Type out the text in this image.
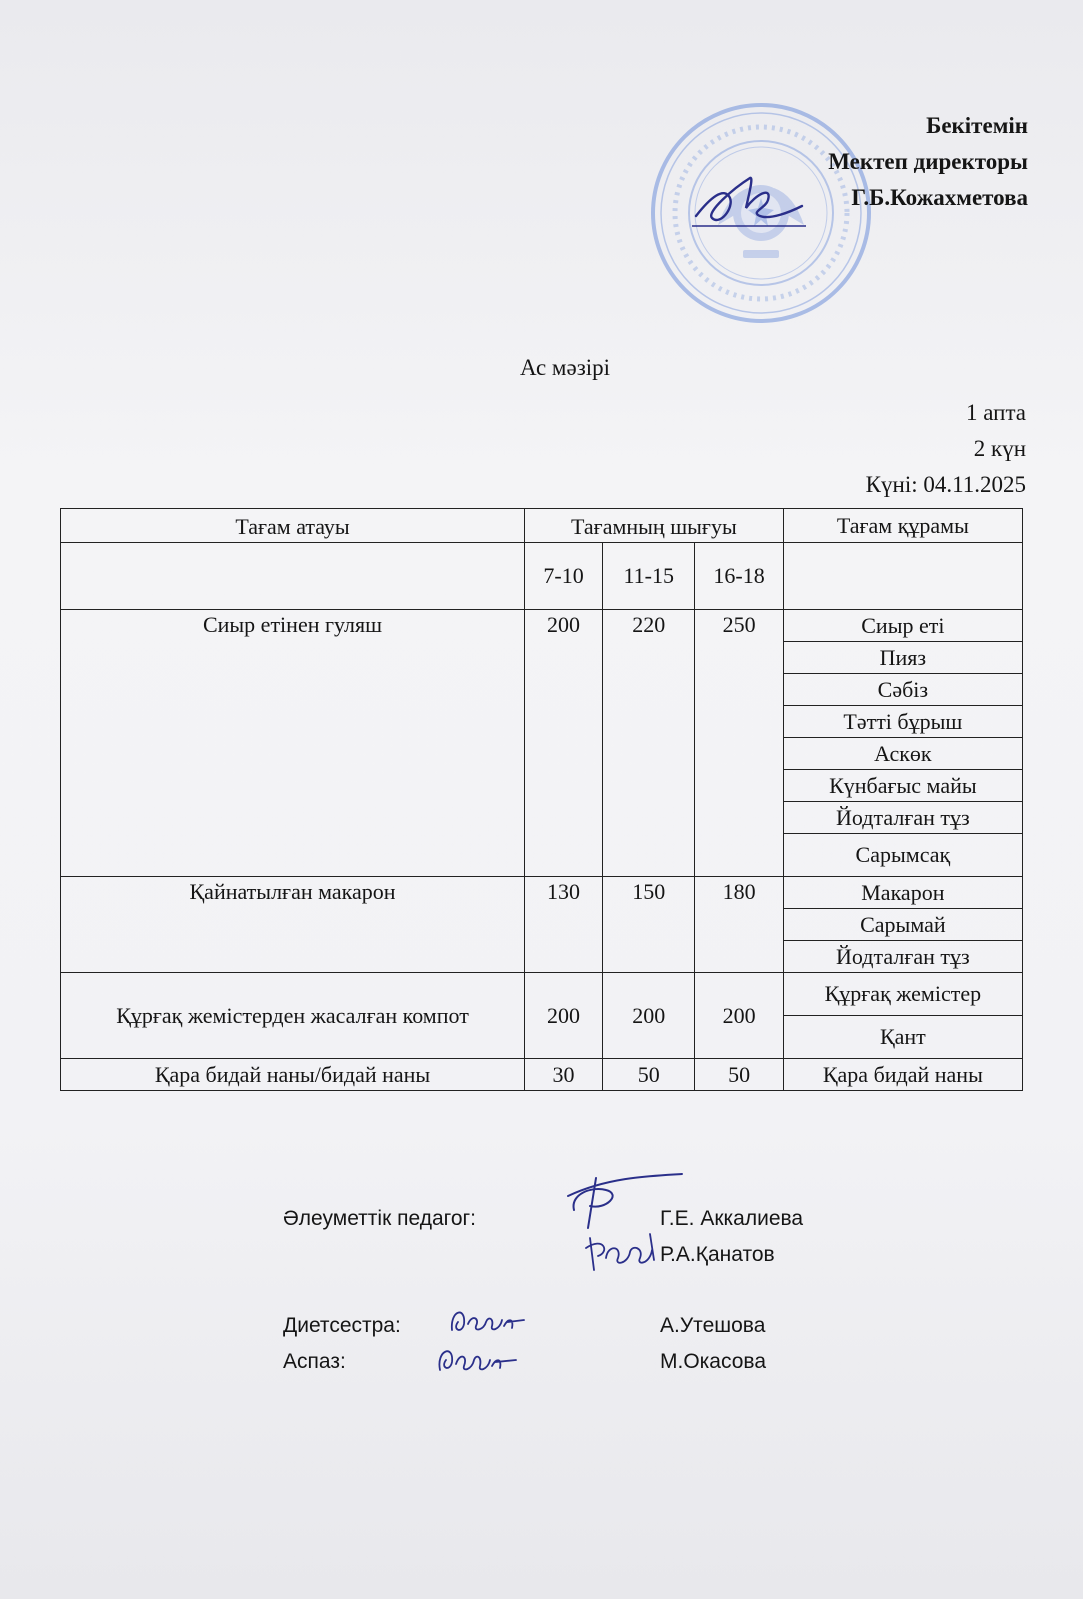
Бекітемін
Мектеп директоры
Г.Б.Кожахметова
Ас мәзірі
1 апта
2 күн
Күні: 04.11.2025
Тағам атауы	Тағамның шығуы			Тағам құрамы
	7-10	11-15	16-18	
Сиыр етінен гуляш	200	220	250	Сиыр еті
				Пияз
				Сәбіз
				Тәтті бұрыш
				Аскөк
				Күнбағыс майы
				Йодталған тұз
				Сарымсақ
Қайнатылған макарон	130	150	180	Макарон
				Сарымай
				Йодталған тұз
Құрғақ жемістерден жасалған компот	200	200	200	Құрғақ жемістер
				Қант
Қара бидай наны/бидай наны	30	50	50	Қара бидай наны
Әлеуметтік педагог:	Г.Е. Аккалиева
Р.А.Қанатов
Диетсестра:	А.Утешова
Аспаз:	М.Окасова
